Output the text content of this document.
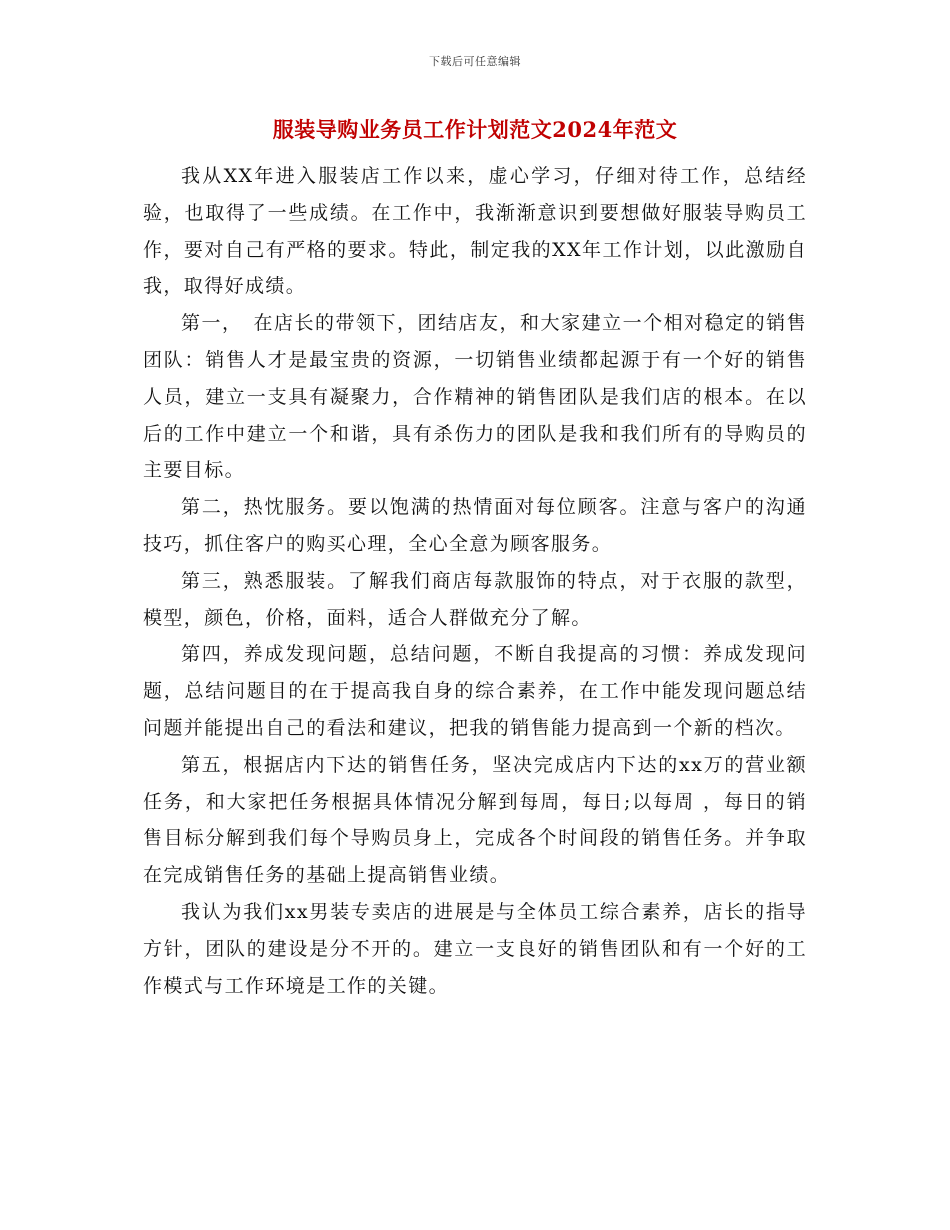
下载后可任意编辑
服装导购业务员工作计划范文2024年范文

我从XX年进入服装店工作以来，虚心学习，仔细对待工作，总结经验，也取得了一些成绩。在工作中，我渐渐意识到要想做好服装导购员工作，要对自己有严格的要求。特此，制定我的XX年工作计划，以此激励自我，取得好成绩。

第一，　在店长的带领下，团结店友，和大家建立一个相对稳定的销售团队：销售人才是最宝贵的资源，一切销售业绩都起源于有一个好的销售人员，建立一支具有凝聚力，合作精神的销售团队是我们店的根本。在以后的工作中建立一个和谐，具有杀伤力的团队是我和我们所有的导购员的主要目标。

第二，热忱服务。要以饱满的热情面对每位顾客。注意与客户的沟通技巧，抓住客户的购买心理，全心全意为顾客服务。

第三，熟悉服装。了解我们商店每款服饰的特点，对于衣服的款型，模型，颜色，价格，面料，适合人群做充分了解。

第四，养成发现问题，总结问题，不断自我提高的习惯：养成发现问题，总结问题目的在于提高我自身的综合素养，在工作中能发现问题总结问题并能提出自己的看法和建议，把我的销售能力提高到一个新的档次。

第五，根据店内下达的销售任务，坚决完成店内下达的xx万的营业额任务，和大家把任务根据具体情况分解到每周，每日;以每周 ，每日的销售目标分解到我们每个导购员身上，完成各个时间段的销售任务。并争取在完成销售任务的基础上提高销售业绩。

我认为我们xx男装专卖店的进展是与全体员工综合素养，店长的指导方针，团队的建设是分不开的。建立一支良好的销售团队和有一个好的工作模式与工作环境是工作的关键。
